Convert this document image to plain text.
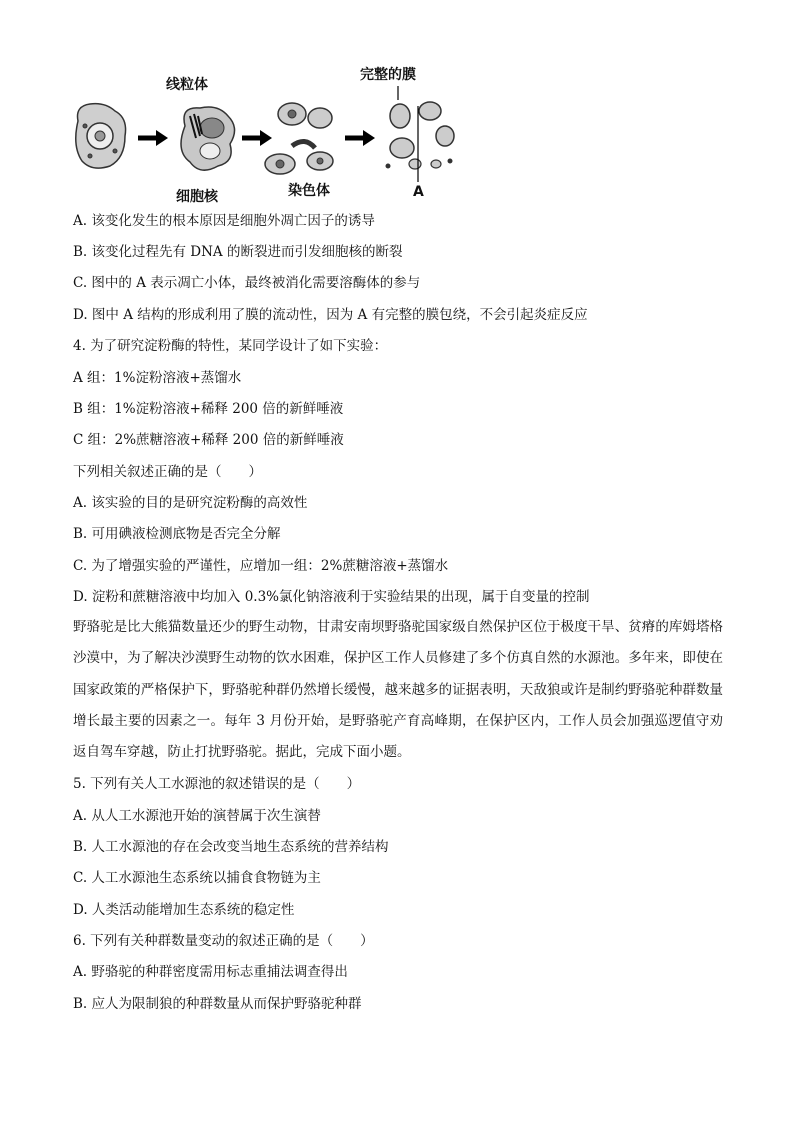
线粒体
完整的膜
细胞核	染色体	A
A. 该变化发生的根本原因是细胞外凋亡因子的诱导
B. 该变化过程先有 DNA 的断裂进而引发细胞核的断裂
C. 图中的 A 表示凋亡小体，最终被消化需要溶酶体的参与
D. 图中 A 结构的形成利用了膜的流动性，因为 A 有完整的膜包绕，不会引起炎症反应
4. 为了研究淀粉酶的特性，某同学设计了如下实验：
A 组：1%淀粉溶液+蒸馏水
B 组：1%淀粉溶液+稀释 200 倍的新鲜唾液
C 组：2%蔗糖溶液+稀释 200 倍的新鲜唾液
下列相关叙述正确的是（　　）
A. 该实验的目的是研究淀粉酶的高效性
B. 可用碘液检测底物是否完全分解
C. 为了增强实验的严谨性，应增加一组：2%蔗糖溶液+蒸馏水
D. 淀粉和蔗糖溶液中均加入 0.3%氯化钠溶液利于实验结果的出现，属于自变量的控制
野骆驼是比大熊猫数量还少的野生动物，甘肃安南坝野骆驼国家级自然保护区位于极度干旱、贫瘠的库姆塔格沙漠中，为了解决沙漠野生动物的饮水困难，保护区工作人员修建了多个仿真自然的水源池。多年来，即使在国家政策的严格保护下，野骆驼种群仍然增长缓慢，越来越多的证据表明，天敌狼或许是制约野骆驼种群数量增长最主要的因素之一。每年 3 月份开始，是野骆驼产育高峰期，在保护区内，工作人员会加强巡逻值守劝返自驾车穿越，防止打扰野骆驼。据此，完成下面小题。
5. 下列有关人工水源池的叙述错误的是（　　）
A. 从人工水源池开始的演替属于次生演替
B. 人工水源池的存在会改变当地生态系统的营养结构
C. 人工水源池生态系统以捕食食物链为主
D. 人类活动能增加生态系统的稳定性
6. 下列有关种群数量变动的叙述正确的是（　　）
A. 野骆驼的种群密度需用标志重捕法调查得出
B. 应人为限制狼的种群数量从而保护野骆驼种群
